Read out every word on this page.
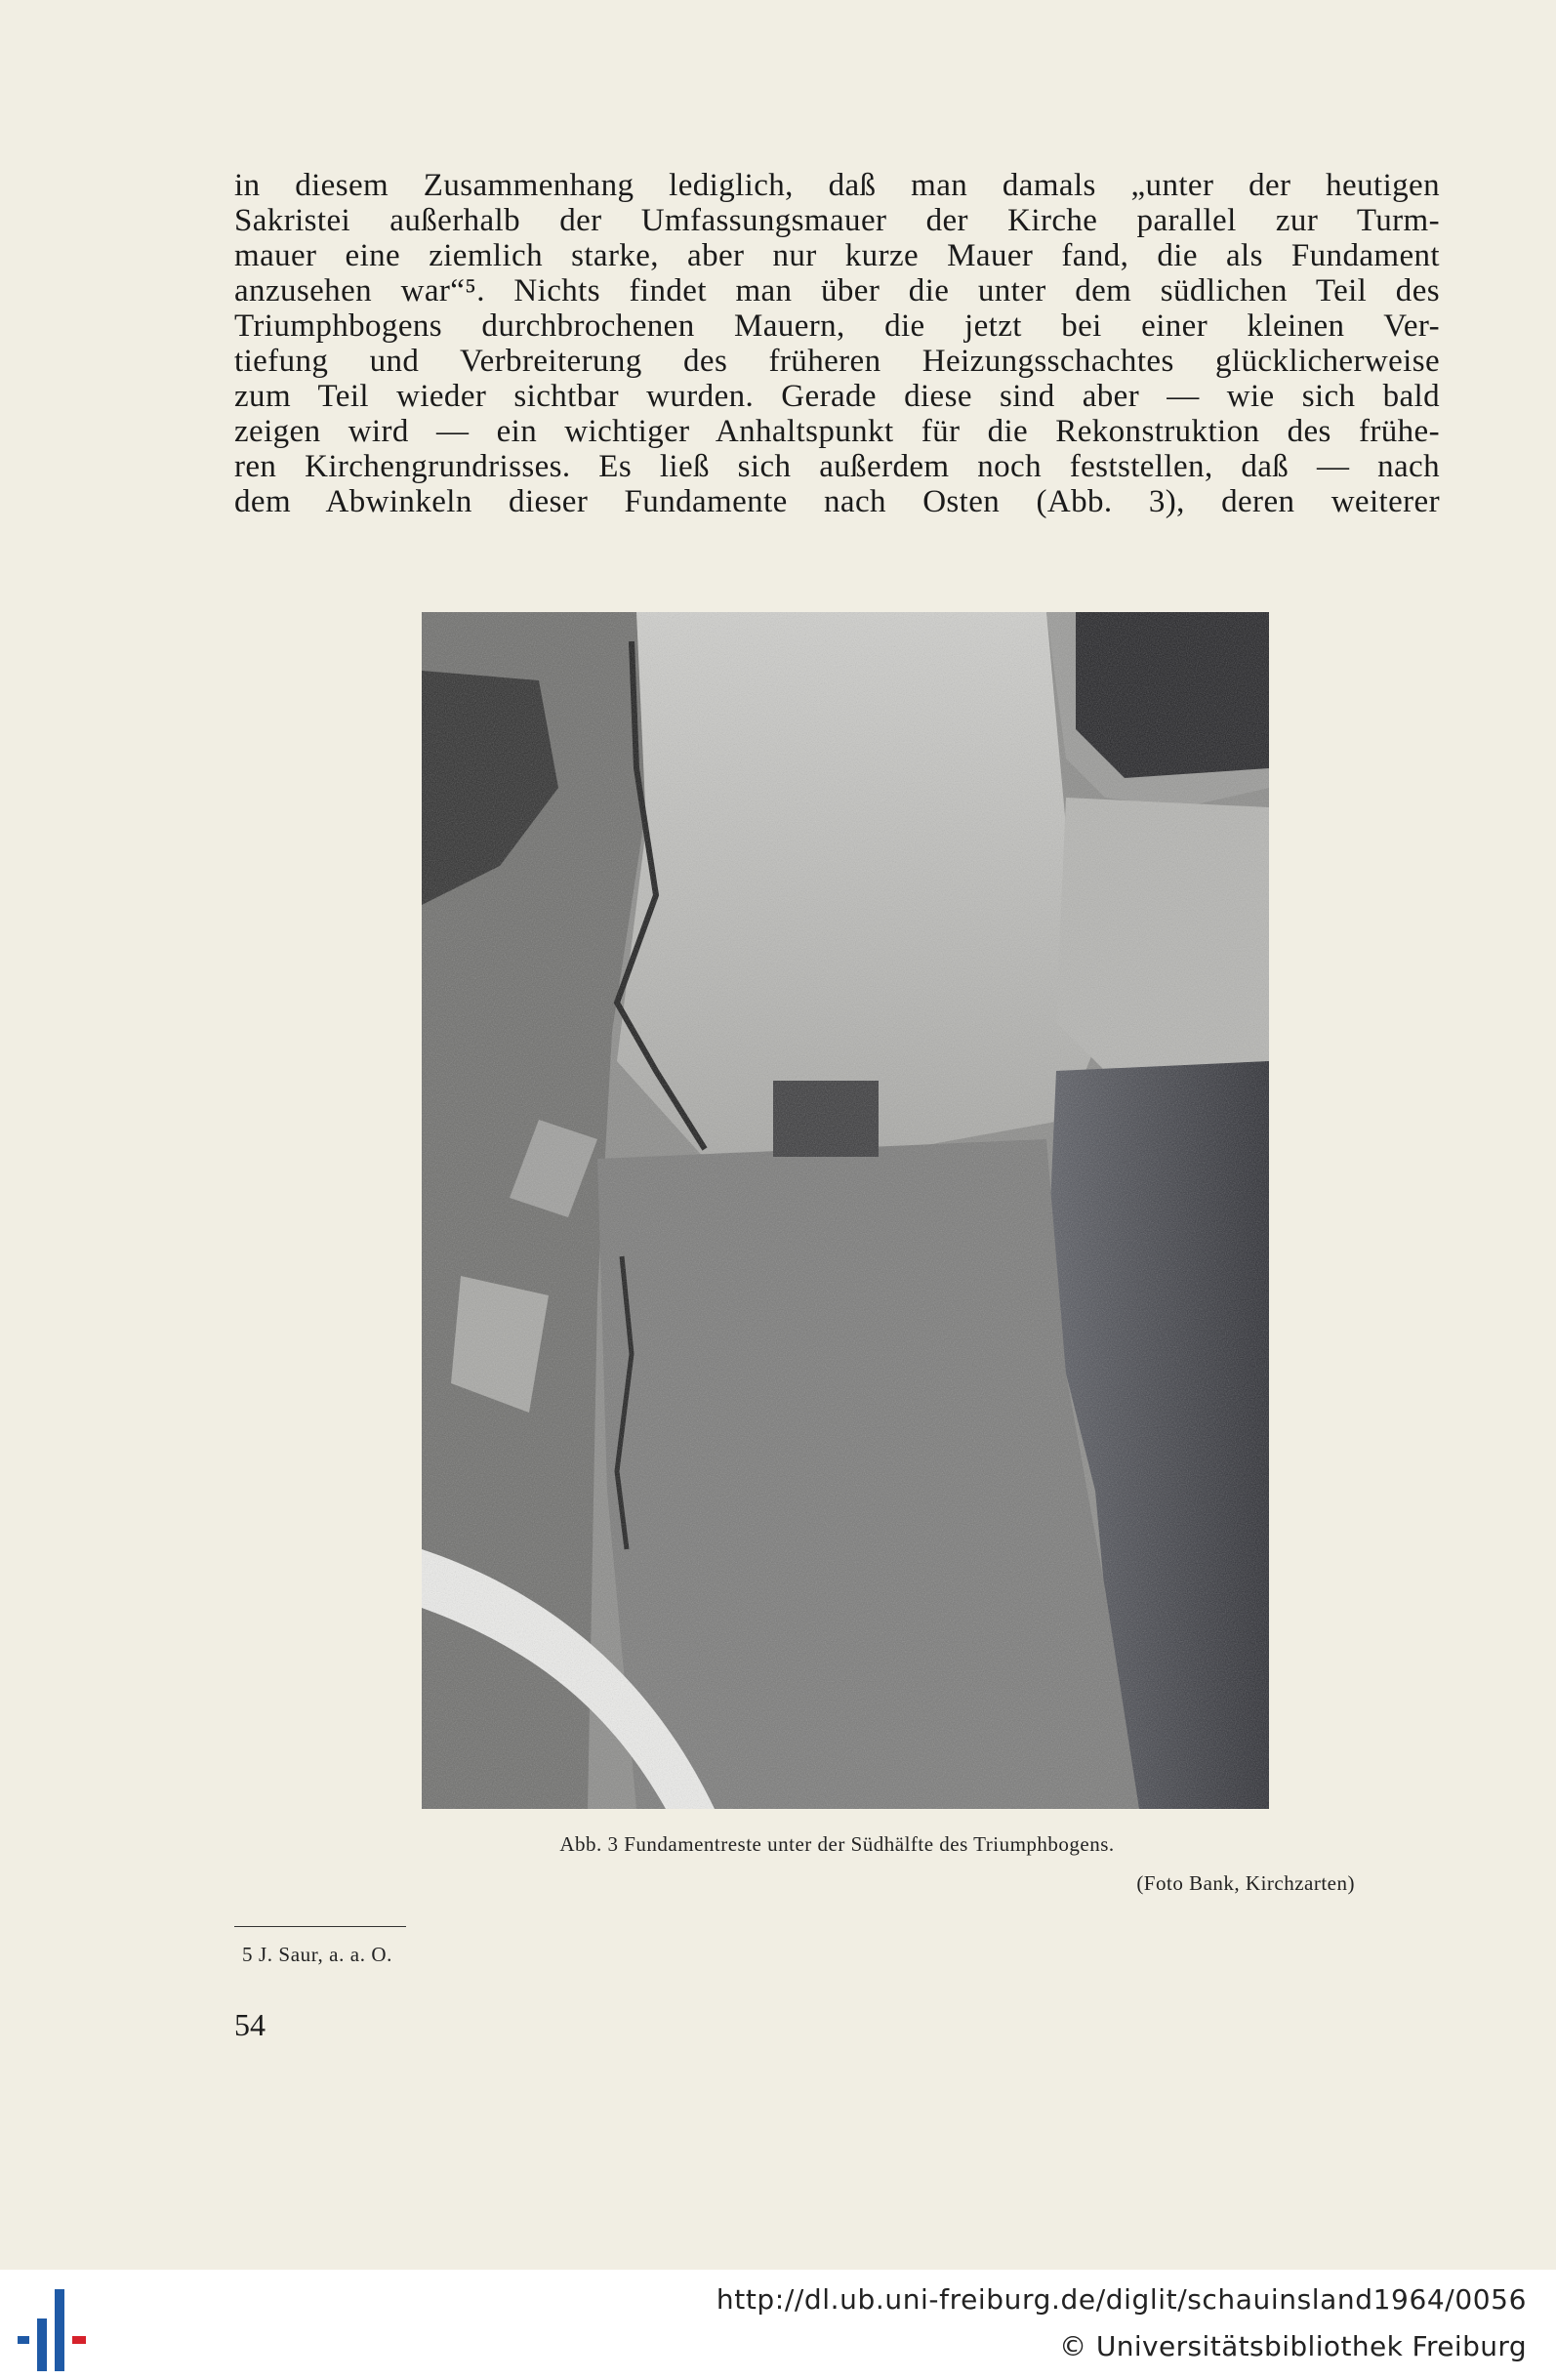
in diesem Zusammenhang lediglich, daß man damals „unter der heutigen
Sakristei außerhalb der Umfassungsmauer der Kirche parallel zur Turm-
mauer eine ziemlich starke, aber nur kurze Mauer fand, die als Fundament
anzusehen war“⁵. Nichts findet man über die unter dem südlichen Teil des
Triumphbogens durchbrochenen Mauern, die jetzt bei einer kleinen Ver-
tiefung und Verbreiterung des früheren Heizungsschachtes glücklicherweise
zum Teil wieder sichtbar wurden. Gerade diese sind aber — wie sich bald
zeigen wird — ein wichtiger Anhaltspunkt für die Rekonstruktion des frühe-
ren Kirchengrundrisses. Es ließ sich außerdem noch feststellen, daß — nach
dem Abwinkeln dieser Fundamente nach Osten (Abb. 3), deren weiterer
Abb. 3 Fundamentreste unter der Südhälfte des Triumphbogens.
(Foto Bank, Kirchzarten)
5 J. Saur, a. a. O.
54
http://dl.ub.uni-freiburg.de/diglit/schauinsland1964/0056
© Universitätsbibliothek Freiburg
